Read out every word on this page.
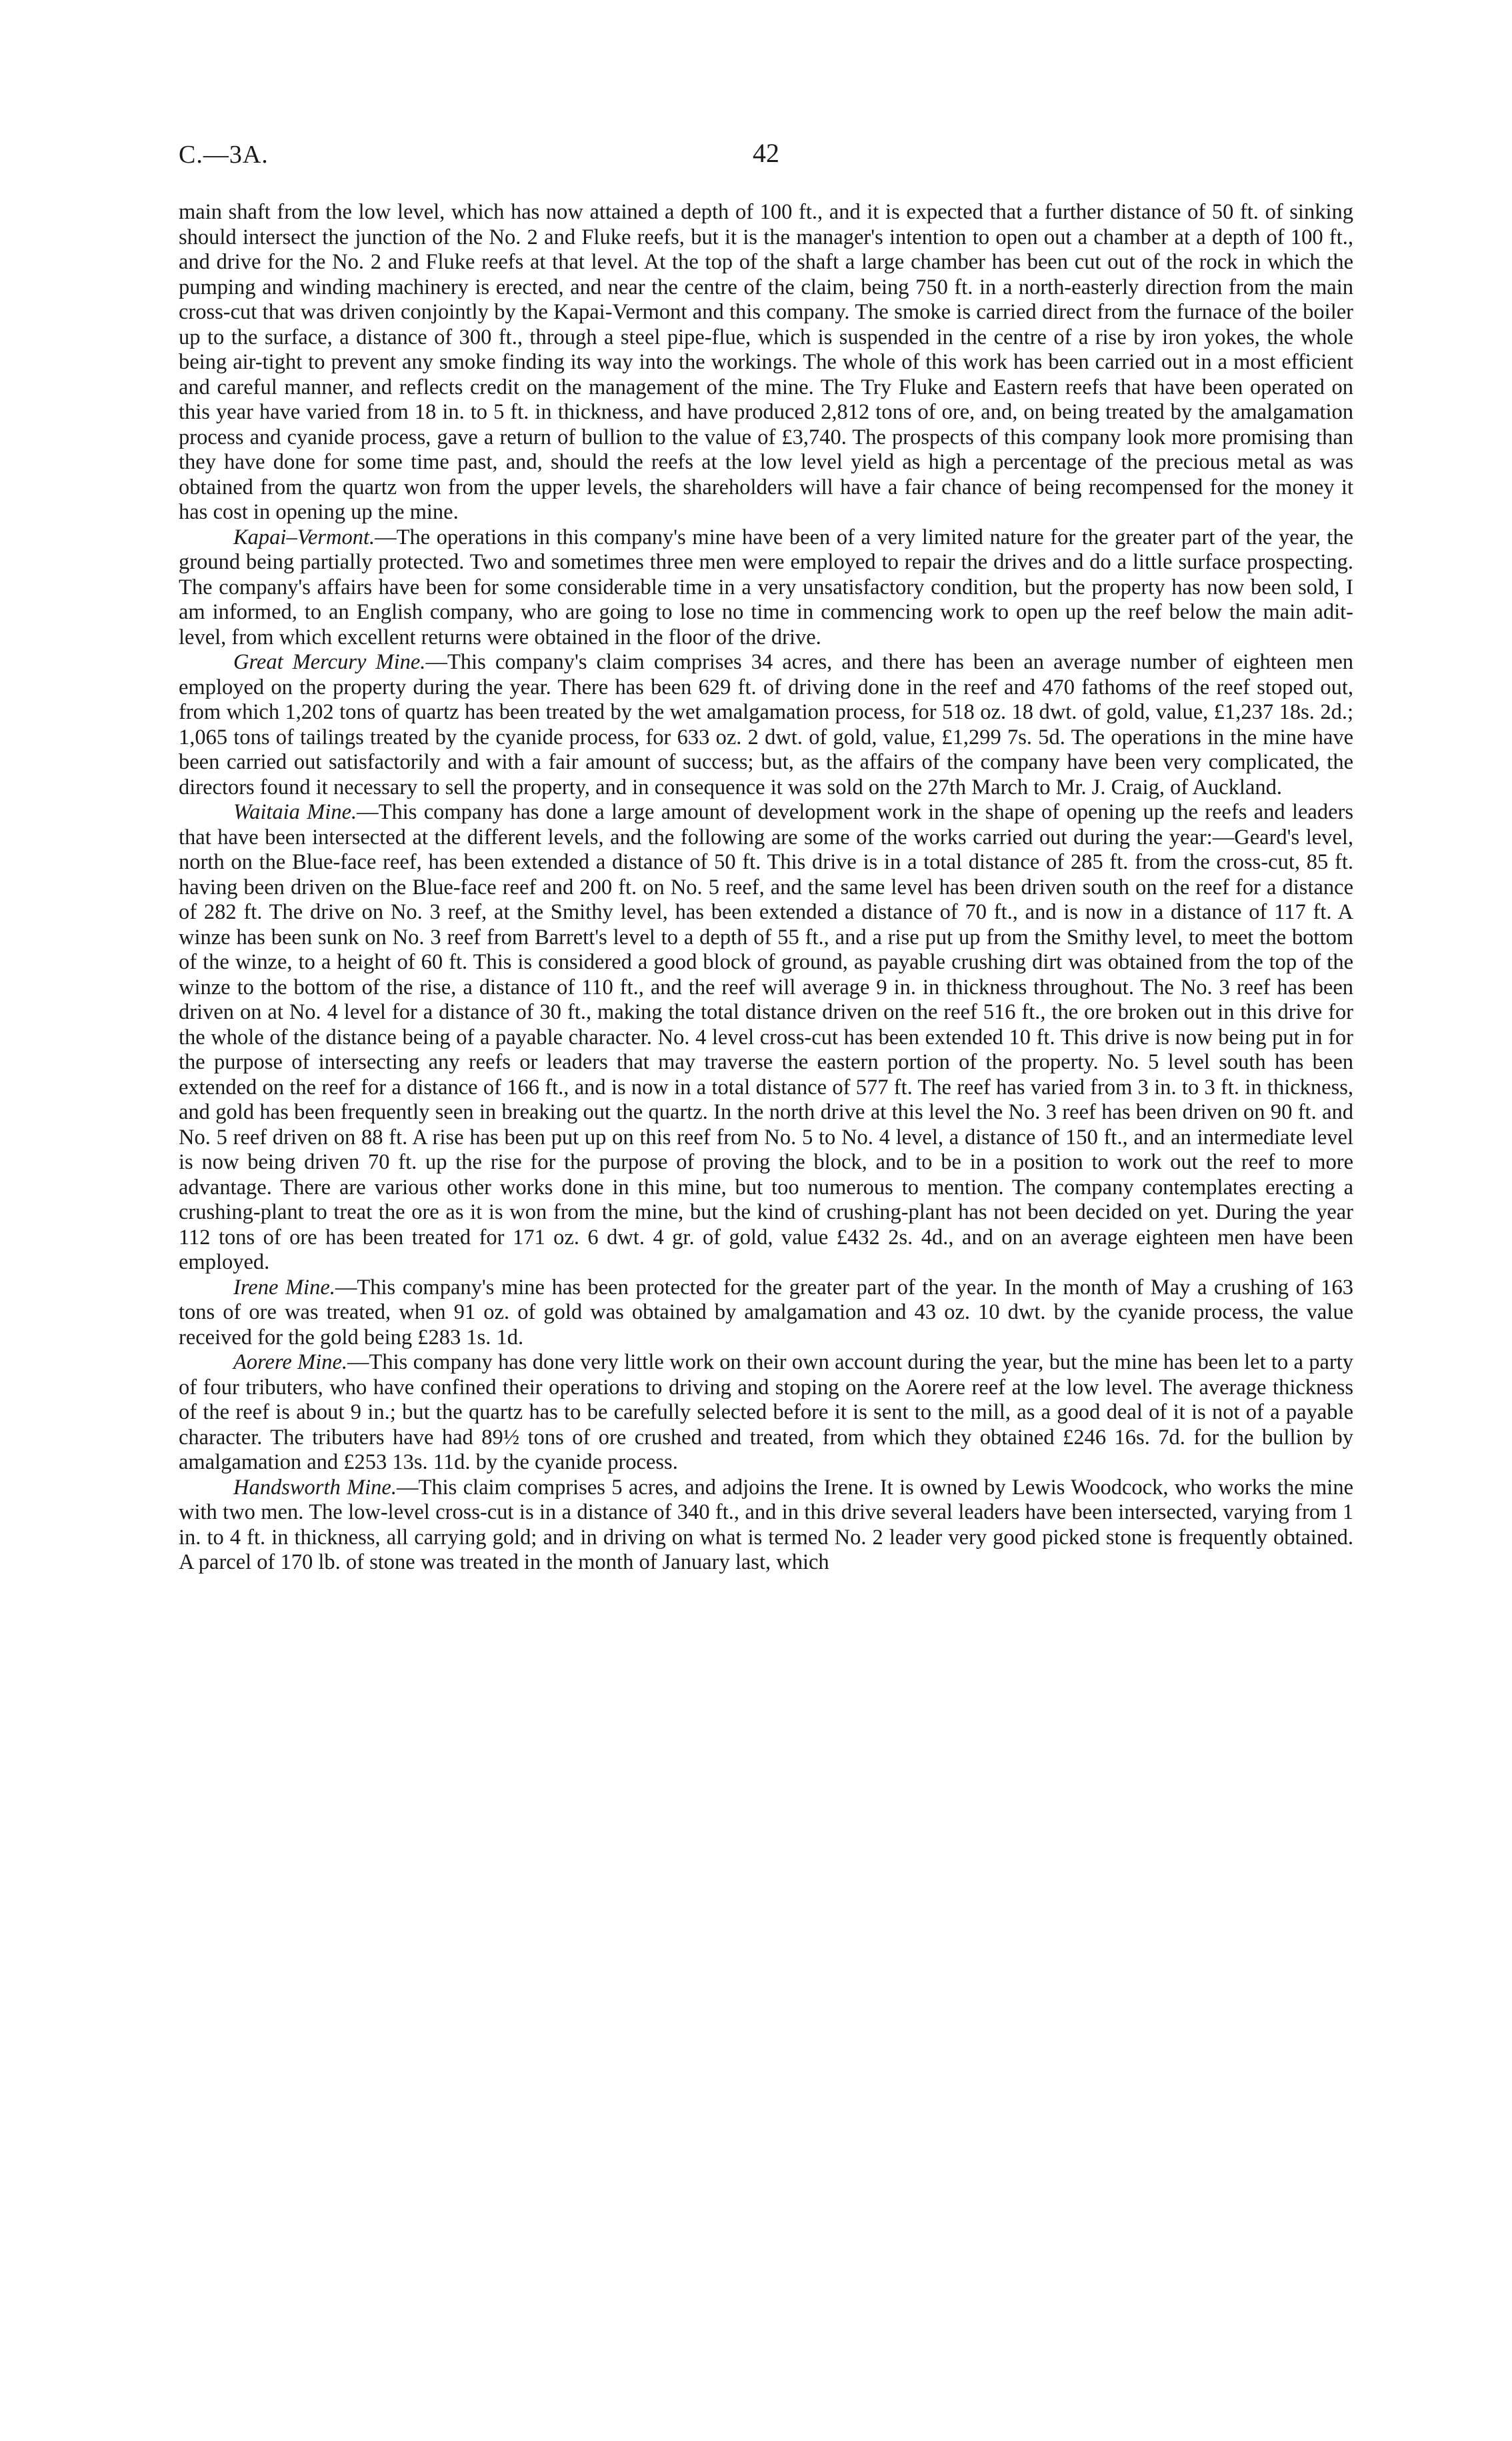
C.—3A.	42

main shaft from the low level, which has now attained a depth of 100 ft., and it is expected that a further distance of 50 ft. of sinking should intersect the junction of the No. 2 and Fluke reefs, but it is the manager's intention to open out a chamber at a depth of 100 ft., and drive for the No. 2 and Fluke reefs at that level. At the top of the shaft a large chamber has been cut out of the rock in which the pumping and winding machinery is erected, and near the centre of the claim, being 750 ft. in a north-easterly direction from the main cross-cut that was driven conjointly by the Kapai-Vermont and this company. The smoke is carried direct from the furnace of the boiler up to the surface, a distance of 300 ft., through a steel pipe-flue, which is suspended in the centre of a rise by iron yokes, the whole being air-tight to prevent any smoke finding its way into the workings. The whole of this work has been carried out in a most efficient and careful manner, and reflects credit on the management of the mine. The Try Fluke and Eastern reefs that have been operated on this year have varied from 18 in. to 5 ft. in thickness, and have produced 2,812 tons of ore, and, on being treated by the amalgamation process and cyanide process, gave a return of bullion to the value of £3,740. The prospects of this company look more promising than they have done for some time past, and, should the reefs at the low level yield as high a percentage of the precious metal as was obtained from the quartz won from the upper levels, the shareholders will have a fair chance of being recompensed for the money it has cost in opening up the mine.

Kapai–Vermont.—The operations in this company's mine have been of a very limited nature for the greater part of the year, the ground being partially protected. Two and sometimes three men were employed to repair the drives and do a little surface prospecting. The company's affairs have been for some considerable time in a very unsatisfactory condition, but the property has now been sold, I am informed, to an English company, who are going to lose no time in commencing work to open up the reef below the main adit-level, from which excellent returns were obtained in the floor of the drive.

Great Mercury Mine.—This company's claim comprises 34 acres, and there has been an average number of eighteen men employed on the property during the year. There has been 629 ft. of driving done in the reef and 470 fathoms of the reef stoped out, from which 1,202 tons of quartz has been treated by the wet amalgamation process, for 518 oz. 18 dwt. of gold, value, £1,237 18s. 2d.; 1,065 tons of tailings treated by the cyanide process, for 633 oz. 2 dwt. of gold, value, £1,299 7s. 5d. The operations in the mine have been carried out satisfactorily and with a fair amount of success; but, as the affairs of the company have been very complicated, the directors found it necessary to sell the property, and in consequence it was sold on the 27th March to Mr. J. Craig, of Auckland.

Waitaia Mine.—This company has done a large amount of development work in the shape of opening up the reefs and leaders that have been intersected at the different levels, and the following are some of the works carried out during the year:—Geard's level, north on the Blue-face reef, has been extended a distance of 50 ft. This drive is in a total distance of 285 ft. from the cross-cut, 85 ft. having been driven on the Blue-face reef and 200 ft. on No. 5 reef, and the same level has been driven south on the reef for a distance of 282 ft. The drive on No. 3 reef, at the Smithy level, has been extended a distance of 70 ft., and is now in a distance of 117 ft. A winze has been sunk on No. 3 reef from Barrett's level to a depth of 55 ft., and a rise put up from the Smithy level, to meet the bottom of the winze, to a height of 60 ft. This is considered a good block of ground, as payable crushing dirt was obtained from the top of the winze to the bottom of the rise, a distance of 110 ft., and the reef will average 9 in. in thickness throughout. The No. 3 reef has been driven on at No. 4 level for a distance of 30 ft., making the total distance driven on the reef 516 ft., the ore broken out in this drive for the whole of the distance being of a payable character. No. 4 level cross-cut has been extended 10 ft. This drive is now being put in for the purpose of intersecting any reefs or leaders that may traverse the eastern portion of the property. No. 5 level south has been extended on the reef for a distance of 166 ft., and is now in a total distance of 577 ft. The reef has varied from 3 in. to 3 ft. in thickness, and gold has been frequently seen in breaking out the quartz. In the north drive at this level the No. 3 reef has been driven on 90 ft. and No. 5 reef driven on 88 ft. A rise has been put up on this reef from No. 5 to No. 4 level, a distance of 150 ft., and an intermediate level is now being driven 70 ft. up the rise for the purpose of proving the block, and to be in a position to work out the reef to more advantage. There are various other works done in this mine, but too numerous to mention. The company contemplates erecting a crushing-plant to treat the ore as it is won from the mine, but the kind of crushing-plant has not been decided on yet. During the year 112 tons of ore has been treated for 171 oz. 6 dwt. 4 gr. of gold, value £432 2s. 4d., and on an average eighteen men have been employed.

Irene Mine.—This company's mine has been protected for the greater part of the year. In the month of May a crushing of 163 tons of ore was treated, when 91 oz. of gold was obtained by amalgamation and 43 oz. 10 dwt. by the cyanide process, the value received for the gold being £283 1s. 1d.

Aorere Mine.—This company has done very little work on their own account during the year, but the mine has been let to a party of four tributers, who have confined their operations to driving and stoping on the Aorere reef at the low level. The average thickness of the reef is about 9 in.; but the quartz has to be carefully selected before it is sent to the mill, as a good deal of it is not of a payable character. The tributers have had 89½ tons of ore crushed and treated, from which they obtained £246 16s. 7d. for the bullion by amalgamation and £253 13s. 11d. by the cyanide process.

Handsworth Mine.—This claim comprises 5 acres, and adjoins the Irene. It is owned by Lewis Woodcock, who works the mine with two men. The low-level cross-cut is in a distance of 340 ft., and in this drive several leaders have been intersected, varying from 1 in. to 4 ft. in thickness, all carrying gold; and in driving on what is termed No. 2 leader very good picked stone is frequently obtained. A parcel of 170 lb. of stone was treated in the month of January last, which
